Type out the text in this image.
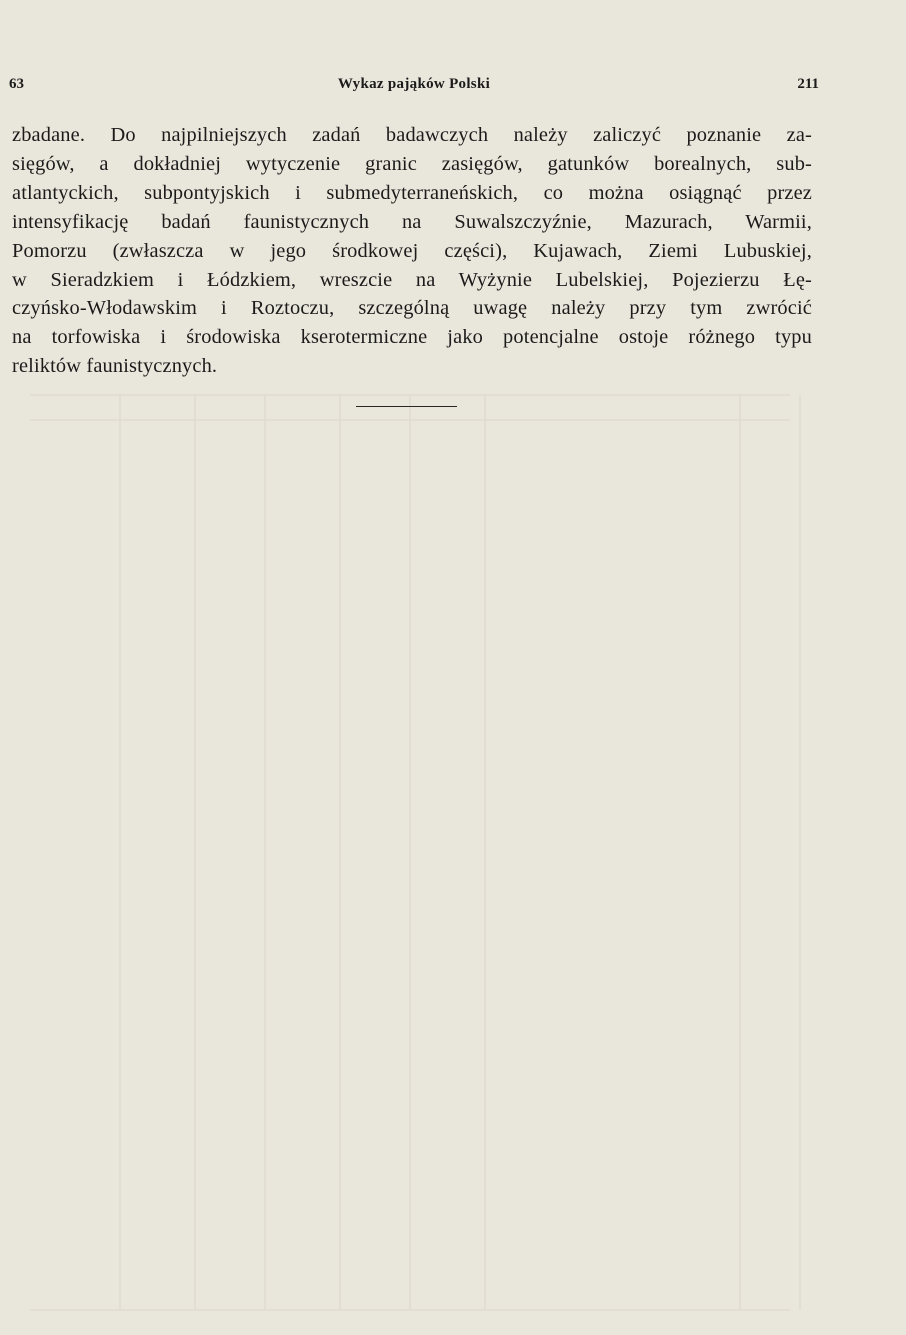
63	Wykaz pająków Polski	211
zbadane. Do najpilniejszych zadań badawczych należy zaliczyć poznanie za-
sięgów, a dokładniej wytyczenie granic zasięgów, gatunków borealnych, sub-
atlantyckich, subpontyjskich i submedyterraneńskich, co można osiągnąć przez
intensyfikację badań faunistycznych na Suwalszczyźnie, Mazurach, Warmii,
Pomorzu (zwłaszcza w jego środkowej części), Kujawach, Ziemi Lubuskiej,
w Sieradzkiem i Łódzkiem, wreszcie na Wyżynie Lubelskiej, Pojezierzu Łę-
czyńsko-Włodawskim i Roztoczu, szczególną uwagę należy przy tym zwrócić
na torfowiska i środowiska kserotermiczne jako potencjalne ostoje różnego typu
reliktów faunistycznych.
